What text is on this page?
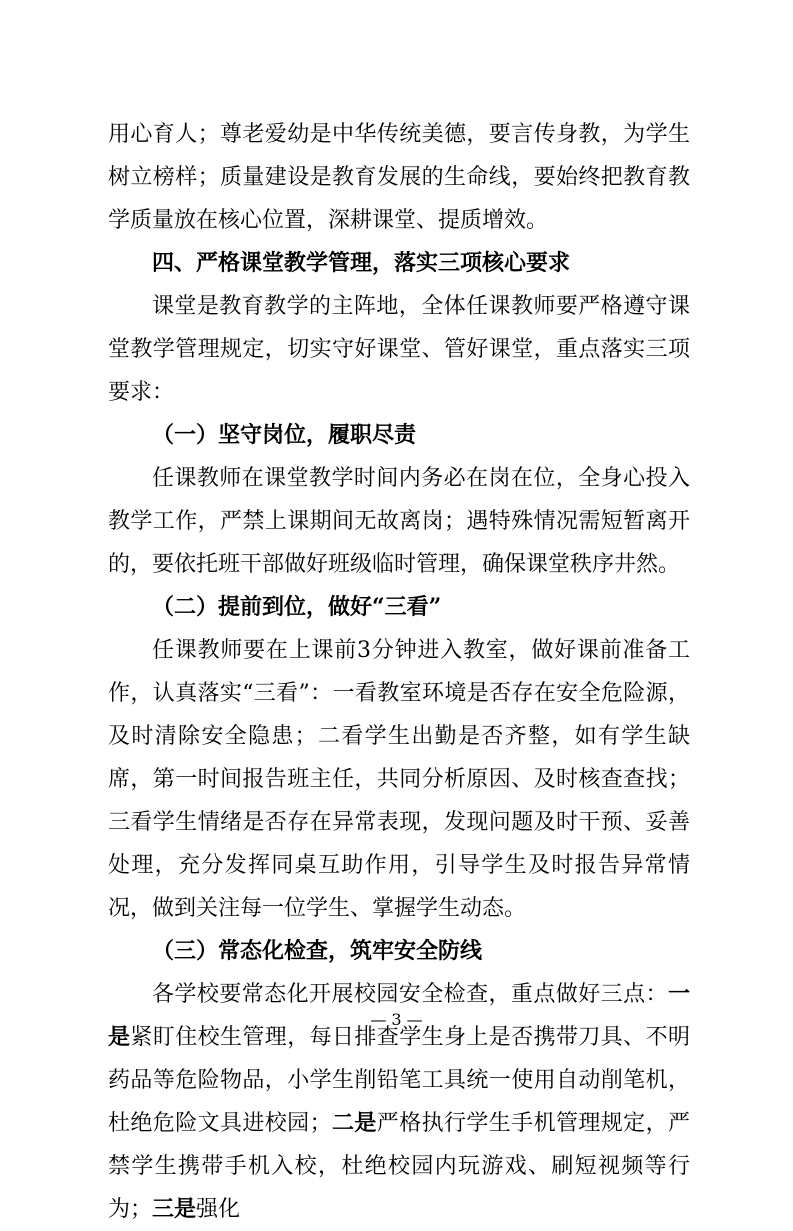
用心育人；尊老爱幼是中华传统美德，要言传身教，为学生树立榜样；质量建设是教育发展的生命线，要始终把教育教学质量放在核心位置，深耕课堂、提质增效。

四、严格课堂教学管理，落实三项核心要求

课堂是教育教学的主阵地，全体任课教师要严格遵守课堂教学管理规定，切实守好课堂、管好课堂，重点落实三项要求：

（一）坚守岗位，履职尽责

任课教师在课堂教学时间内务必在岗在位，全身心投入教学工作，严禁上课期间无故离岗；遇特殊情况需短暂离开的，要依托班干部做好班级临时管理，确保课堂秩序井然。

（二）提前到位，做好“三看”

任课教师要在上课前3分钟进入教室，做好课前准备工作，认真落实“三看”：一看教室环境是否存在安全危险源，及时清除安全隐患；二看学生出勤是否齐整，如有学生缺席，第一时间报告班主任，共同分析原因、及时核查查找；三看学生情绪是否存在异常表现，发现问题及时干预、妥善处理，充分发挥同桌互助作用，引导学生及时报告异常情况，做到关注每一位学生、掌握学生动态。

（三）常态化检查，筑牢安全防线

各学校要常态化开展校园安全检查，重点做好三点：一是紧盯住校生管理，每日排查学生身上是否携带刀具、不明药品等危险物品，小学生削铅笔工具统一使用自动削笔机，杜绝危险文具进校园；二是严格执行学生手机管理规定，严禁学生携带手机入校，杜绝校园内玩游戏、刷短视频等行为；三是强化

— 3 —
